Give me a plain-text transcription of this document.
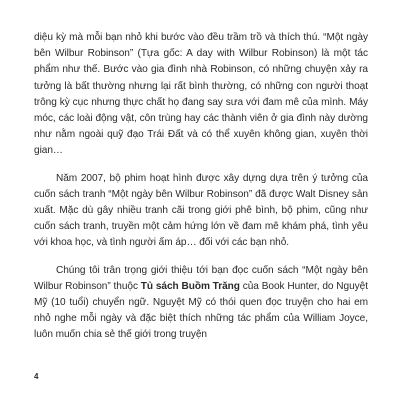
diệu kỳ mà mỗi bạn nhỏ khi bước vào đều trầm trồ và thích thú. “Một ngày bên Wilbur Robinson” (Tựa gốc: A day with Wilbur Robinson) là một tác phẩm như thế. Bước vào gia đình nhà Robinson, có những chuyện xảy ra tưởng là bất thường nhưng lại rất bình thường, có những con người thoạt trông kỳ cục nhưng thực chất họ đang say sưa với đam mê của mình. Máy móc, các loài động vật, côn trùng hay các thành viên ở gia đình này dường như nằm ngoài quỹ đạo Trái Đất và có thể xuyên không gian, xuyên thời gian…

Năm 2007, bộ phim hoạt hình được xây dựng dựa trên ý tưởng của cuốn sách tranh “Một ngày bên Wilbur Robinson” đã được Walt Disney sản xuất. Mặc dù gây nhiều tranh cãi trong giới phê bình, bộ phim, cũng như cuốn sách tranh, truyền một cảm hứng lớn về đam mê khám phá, tình yêu với khoa học, và tình người ấm áp… đối với các bạn nhỏ.

Chúng tôi trân trọng giới thiệu tới bạn đọc cuốn sách “Một ngày bên Wilbur Robinson” thuộc Tủ sách Buồm Trăng của Book Hunter, do Nguyệt Mỹ (10 tuổi) chuyển ngữ. Nguyệt Mỹ có thói quen đọc truyện cho hai em nhỏ nghe mỗi ngày và đặc biệt thích những tác phẩm của William Joyce, luôn muốn chia sẻ thế giới trong truyện

4
